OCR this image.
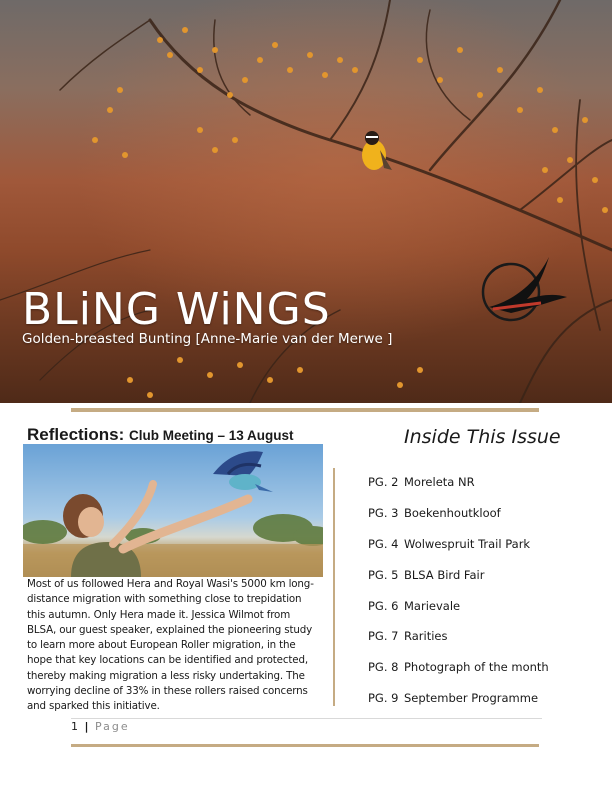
BLiNG WiNGS
Golden-breasted Bunting [Anne-Marie van der Merwe ]
Reflections: Club Meeting – 13 August

Most of us followed Hera and Royal Wasi's 5000 km long-distance migration with something close to trepidation this autumn. Only Hera made it. Jessica Wilmot from BLSA, our guest speaker, explained the pioneering study to learn more about European Roller migration, in the hope that key locations can be identified and protected, thereby making migration a less risky undertaking. The worrying decline of 33% in these rollers raised concerns and sparked this initiative.

Inside This Issue
PG. 2 Moreleta NR
PG. 3 Boekenhoutkloof
PG. 4 Wolwespruit Trail Park
PG. 5 BLSA Bird Fair
PG. 6 Marievale
PG. 7 Rarities
PG. 8 Photograph of the month
PG. 9 September Programme
1 | Page
